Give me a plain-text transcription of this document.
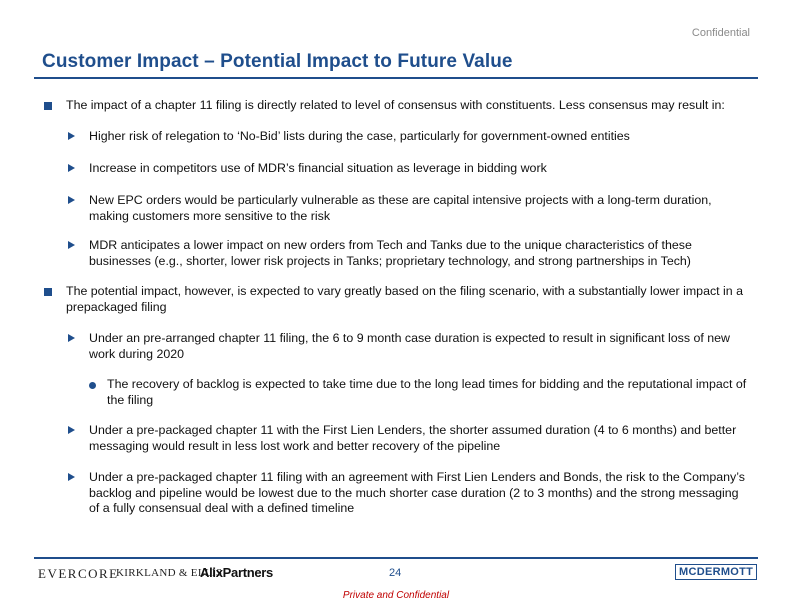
Confidential
Customer Impact – Potential Impact to Future Value
The impact of a chapter 11 filing is directly related to level of consensus with constituents. Less consensus may result in:
Higher risk of relegation to ‘No-Bid’ lists during the case, particularly for government-owned entities
Increase in competitors use of MDR’s financial situation as leverage in bidding work
New EPC orders would be particularly vulnerable as these are capital intensive projects with a long-term duration, making customers more sensitive to the risk
MDR anticipates a lower impact on new orders from Tech and Tanks due to the unique characteristics of these businesses (e.g., shorter, lower risk projects in Tanks; proprietary technology, and strong partnerships in Tech)
The potential impact, however, is expected to vary greatly based on the filing scenario, with a substantially lower impact in a prepackaged filing
Under an pre-arranged chapter 11 filing, the 6 to 9 month case duration is expected to result in significant loss of new work during 2020
The recovery of backlog is expected to take time due to the long lead times for bidding and the reputational impact of the filing
Under a pre-packaged chapter 11 with the First Lien Lenders, the shorter assumed duration (4 to 6 months) and better messaging would result in less lost work and better recovery of the pipeline
Under a pre-packaged chapter 11 filing with an agreement with First Lien Lenders and Bonds, the risk to the Company’s backlog and pipeline would be lowest due to the much shorter case duration (2 to 3 months) and the strong messaging of a fully consensual deal with a defined timeline
EVERCORE
KIRKLAND & ELLIS
AlixPartners	24	MCDERMOTT
Private and Confidential
